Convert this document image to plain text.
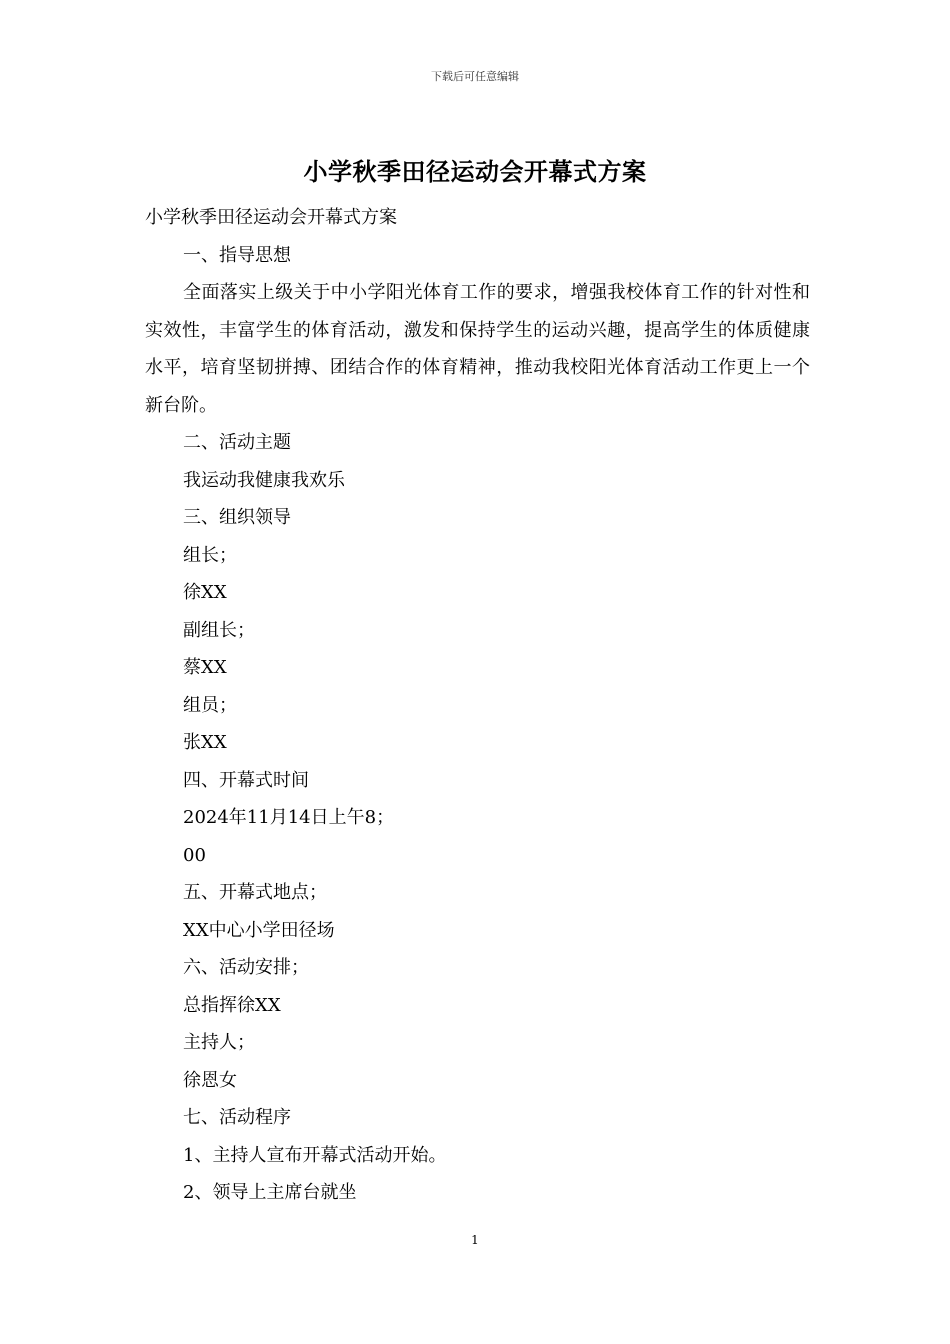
下载后可任意编辑
小学秋季田径运动会开幕式方案
小学秋季田径运动会开幕式方案
一、指导思想
全面落实上级关于中小学阳光体育工作的要求，增强我校体育工作的针对性和实效性，丰富学生的体育活动，激发和保持学生的运动兴趣，提高学生的体质健康水平，培育坚韧拼搏、团结合作的体育精神，推动我校阳光体育活动工作更上一个新台阶。
二、活动主题
我运动我健康我欢乐
三、组织领导
组长；
徐XX
副组长；
蔡XX
组员；
张XX
四、开幕式时间
2024年11月14日上午8；
00
五、开幕式地点；
XX中心小学田径场
六、活动安排；
总指挥徐XX
主持人；
徐恩女
七、活动程序
1、主持人宣布开幕式活动开始。
2、领导上主席台就坐
1
